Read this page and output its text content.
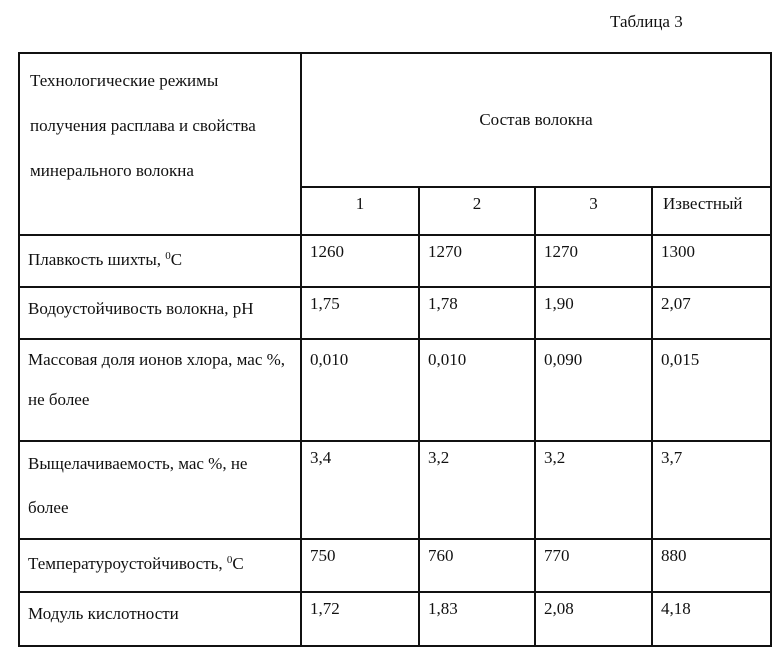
Таблица 3
Технологические режимы получения расплава и свойства минерального волокна	Состав волокна			
	1	2	3	Известный
Плавкость шихты, $^0$С	1260	1270	1270	1300
Водоустойчивость волокна, pH	1,75	1,78	1,90	2,07
Массовая доля ионов хлора, мас %, не более	0,010	0,010	0,090	0,015
Выщелачиваемость, мас %, не более	3,4	3,2	3,2	3,7
Температуроустойчивость, $^0$С	750	760	770	880
Модуль кислотности	1,72	1,83	2,08	4,18
